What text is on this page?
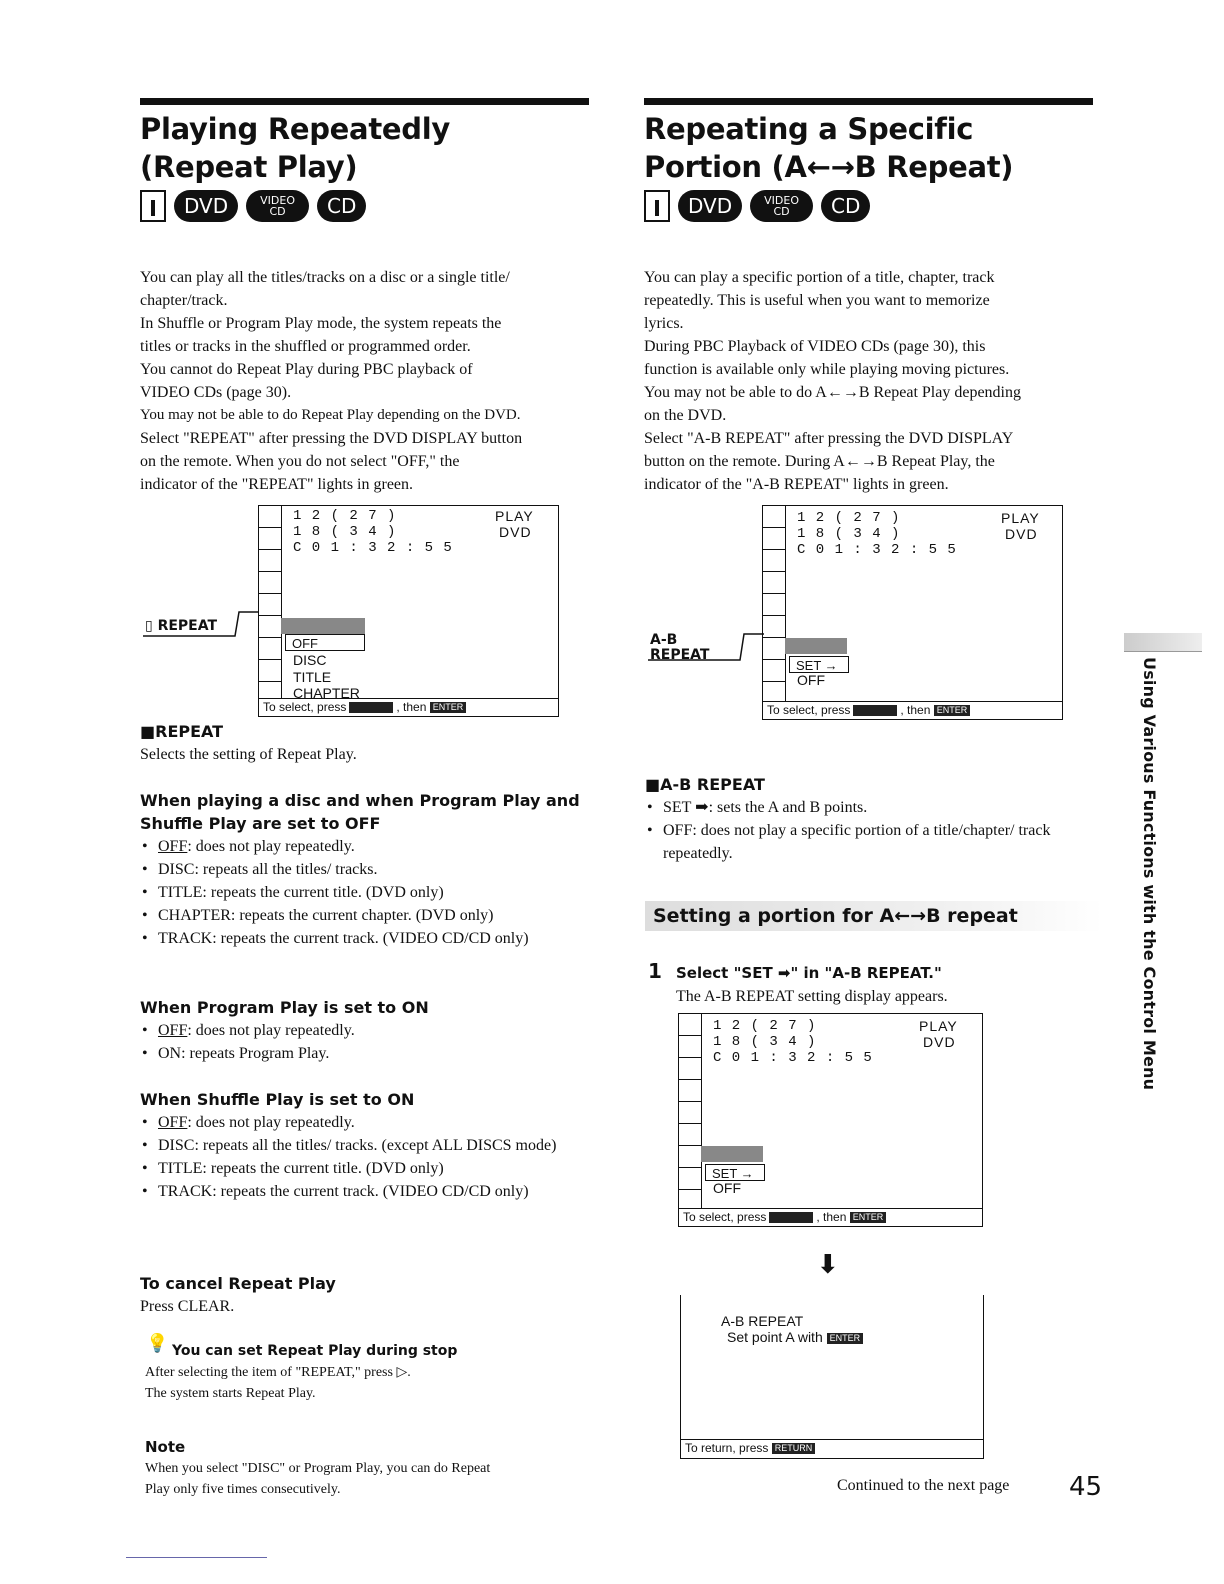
Playing Repeatedly
(Repeat Play)
DVD	VIDEO
CD	CD

You can play all the titles/tracks on a disc or a single title/

chapter/track.

In Shuffle or Program Play mode, the system repeats the

titles or tracks in the shuffled or programmed order.

You cannot do Repeat Play during PBC playback of

VIDEO CDs (page 30).

You may not be able to do Repeat Play depending on the DVD.

Select "REPEAT" after pressing the DVD DISPLAY button

on the remote. When you do not select "OFF," the

indicator of the "REPEAT" lights in green.

1 2 ( 2 7 )
1 8 ( 3 4 )
C 0 1 : 3 2 : 5 5
PLAY
DVD
OFF
DISC
TITLE
CHAPTER
To select, press	, then ENTER
▯ REPEAT
■REPEAT
Selects the setting of Repeat Play.
When playing a disc and when Program Play and Shuffle Play are set to OFF
• OFF: does not play repeatedly.
• DISC: repeats all the titles/ tracks.
• TITLE: repeats the current title. (DVD only)
• CHAPTER: repeats the current chapter. (DVD only)
• TRACK: repeats the current track. (VIDEO CD/CD only)
When Program Play is set to ON
• OFF: does not play repeatedly.
• ON: repeats Program Play.
When Shuffle Play is set to ON
• OFF: does not play repeatedly.
• DISC: repeats all the titles/ tracks. (except ALL DISCS mode)
• TITLE: repeats the current title. (DVD only)
• TRACK: repeats the current track. (VIDEO CD/CD only)
To cancel Repeat Play
Press CLEAR.
💡 You can set Repeat Play during stop
After selecting the item of "REPEAT," press ▷.
The system starts Repeat Play.
Note
When you select "DISC" or Program Play, you can do Repeat
Play only five times consecutively.
Repeating a Specific
Portion (A←→B Repeat)
DVD	VIDEO
CD	CD

You can play a specific portion of a title, chapter, track

repeatedly. This is useful when you want to memorize

lyrics.

During PBC Playback of VIDEO CDs (page 30), this

function is available only while playing moving pictures.

You may not be able to do A←→B Repeat Play depending

on the DVD.

Select "A-B REPEAT" after pressing the DVD DISPLAY

button on the remote. During A←→B Repeat Play, the

indicator of the "A-B REPEAT" lights in green.

1 2 ( 2 7 )
1 8 ( 3 4 )
C 0 1 : 3 2 : 5 5
PLAY
DVD
SET →
OFF
To select, press	, then ENTER
A-B
REPEAT
■A-B REPEAT
• SET ➡: sets the A and B points.
• OFF: does not play a specific portion of a title/chapter/ track repeatedly.
Setting a portion for A←→B repeat
1 Select "SET ➡" in "A-B REPEAT."
The A-B REPEAT setting display appears.
1 2 ( 2 7 )
1 8 ( 3 4 )
C 0 1 : 3 2 : 5 5
PLAY
DVD
SET →
OFF
To select, press	, then ENTER
⬇
A-B REPEAT
Set point A with ENTER
To return, press RETURN
Continued to the next page 45
Using Various Functions with the Control Menu
